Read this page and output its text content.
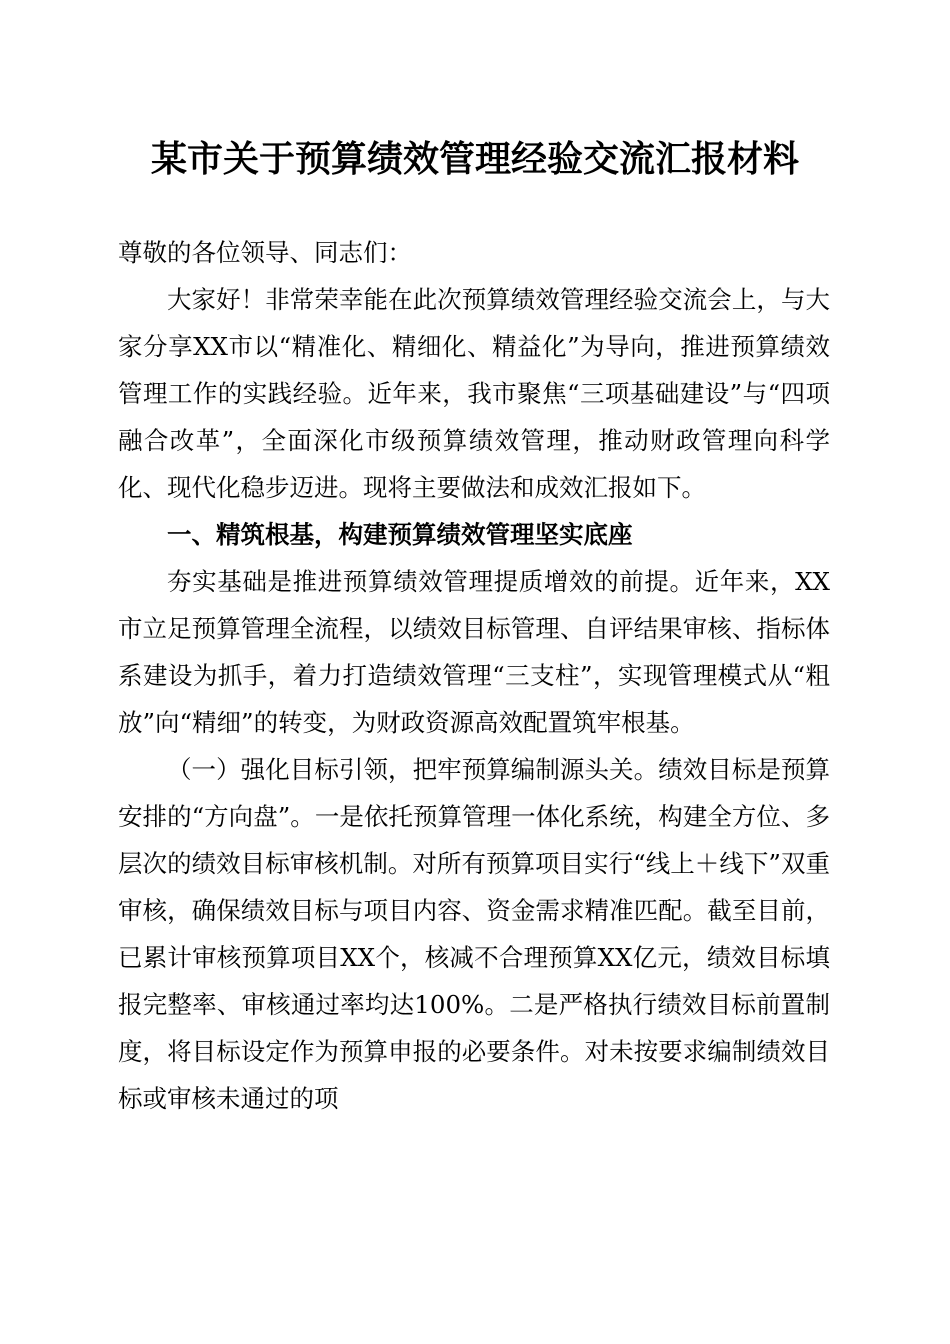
某市关于预算绩效管理经验交流汇报材料

尊敬的各位领导、同志们：

大家好！非常荣幸能在此次预算绩效管理经验交流会上，与大家分享XX市以“精准化、精细化、精益化”为导向，推进预算绩效管理工作的实践经验。近年来，我市聚焦“三项基础建设”与“四项融合改革”，全面深化市级预算绩效管理，推动财政管理向科学化、现代化稳步迈进。现将主要做法和成效汇报如下。

一、精筑根基，构建预算绩效管理坚实底座

夯实基础是推进预算绩效管理提质增效的前提。近年来，XX市立足预算管理全流程，以绩效目标管理、自评结果审核、指标体系建设为抓手，着力打造绩效管理“三支柱”，实现管理模式从“粗放”向“精细”的转变，为财政资源高效配置筑牢根基。

（一）强化目标引领，把牢预算编制源头关。绩效目标是预算安排的“方向盘”。一是依托预算管理一体化系统，构建全方位、多层次的绩效目标审核机制。对所有预算项目实行“线上＋线下”双重审核，确保绩效目标与项目内容、资金需求精准匹配。截至目前，已累计审核预算项目XX个，核减不合理预算XX亿元，绩效目标填报完整率、审核通过率均达100%。二是严格执行绩效目标前置制度，将目标设定作为预算申报的必要条件。对未按要求编制绩效目标或审核未通过的项
